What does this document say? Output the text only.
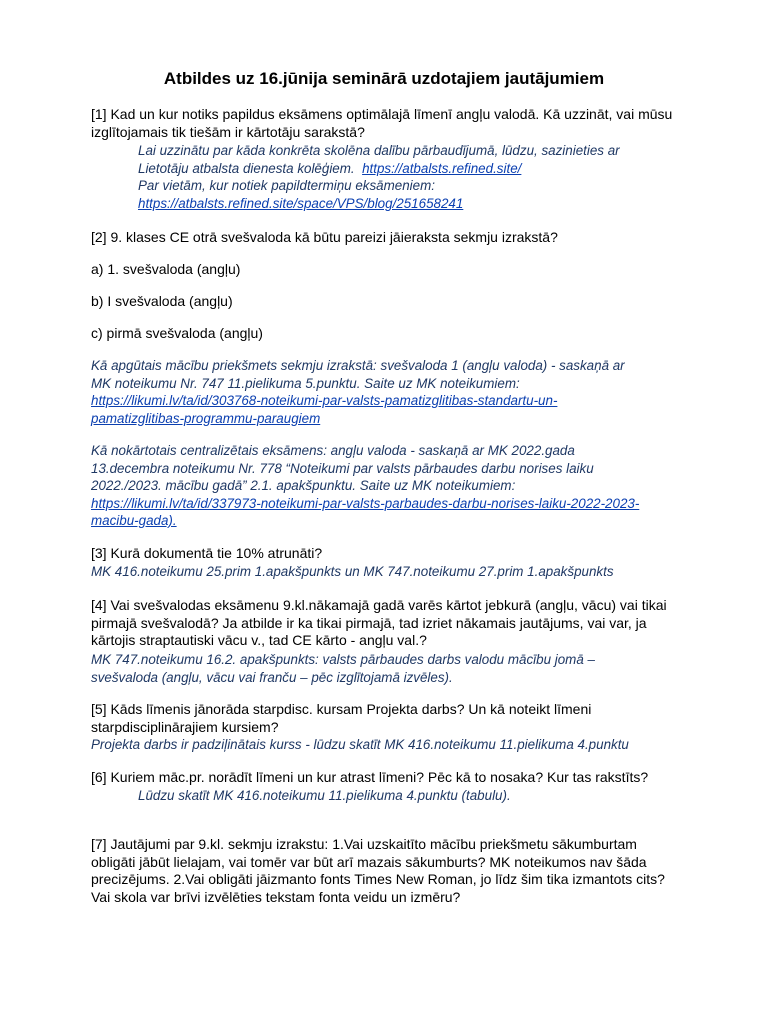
Atbildes uz 16.jūnija seminārā uzdotajiem jautājumiem

[1] Kad un kur notiks papildus eksāmens optimālajā līmenī angļu valodā. Kā uzzināt, vai mūsu izglītojamais tik tiešām ir kārtotāju sarakstā?

Lai uzzinātu par kāda konkrēta skolēna dalību pārbaudījumā, lūdzu, sazinieties ar
Lietotāju atbalsta dienesta kolēģiem. https://atbalsts.refined.site/
Par vietām, kur notiek papildtermiņu eksāmeniem:
https://atbalsts.refined.site/space/VPS/blog/251658241

[2] 9. klases CE otrā svešvaloda kā būtu pareizi jāieraksta sekmju izrakstā?

a) 1. svešvaloda (angļu)

b) I svešvaloda (angļu)

c) pirmā svešvaloda (angļu)

Kā apgūtais mācību priekšmets sekmju izrakstā: svešvaloda 1 (angļu valoda) - saskaņā ar
MK noteikumu Nr. 747 11.pielikuma 5.punktu. Saite uz MK noteikumiem:
https://likumi.lv/ta/id/303768-noteikumi-par-valsts-pamatizglitibas-standartu-un-
pamatizglitibas-programmu-paraugiem
Kā nokārtotais centralizētais eksāmens: angļu valoda - saskaņā ar MK 2022.gada
13.decembra noteikumu Nr. 778 “Noteikumi par valsts pārbaudes darbu norises laiku
2022./2023. mācību gadā” 2.1. apakšpunktu. Saite uz MK noteikumiem:
https://likumi.lv/ta/id/337973-noteikumi-par-valsts-parbaudes-darbu-norises-laiku-2022-2023-
macibu-gada).

[3] Kurā dokumentā tie 10% atrunāti?

MK 416.noteikumu 25.prim 1.apakšpunkts un MK 747.noteikumu 27.prim 1.apakšpunkts

[4] Vai svešvalodas eksāmenu 9.kl.nākamajā gadā varēs kārtot jebkurā (angļu, vācu) vai tikai pirmajā svešvalodā? Ja atbilde ir ka tikai pirmajā, tad izriet nākamais jautājums, vai var, ja kārtojis straptautiski vācu v., tad CE kārto - angļu val.?

MK 747.noteikumu 16.2. apakšpunkts: valsts pārbaudes darbs valodu mācību jomā – svešvaloda (angļu, vācu vai franču – pēc izglītojamā izvēles).

[5] Kāds līmenis jānorāda starpdisc. kursam Projekta darbs? Un kā noteikt līmeni starpdisciplinārajiem kursiem?

Projekta darbs ir padziļinātais kurss - lūdzu skatīt MK 416.noteikumu 11.pielikuma 4.punktu

[6] Kuriem māc.pr. norādīt līmeni un kur atrast līmeni? Pēc kā to nosaka? Kur tas rakstīts?

Lūdzu skatīt MK 416.noteikumu 11.pielikuma 4.punktu (tabulu).

[7] Jautājumi par 9.kl. sekmju izrakstu: 1.Vai uzskaitīto mācību priekšmetu sākumburtam obligāti jābūt lielajam, vai tomēr var būt arī mazais sākumburts? MK noteikumos nav šāda precizējums. 2.Vai obligāti jāizmanto fonts Times New Roman, jo līdz šim tika izmantots cits? Vai skola var brīvi izvēlēties tekstam fonta veidu un izmēru?
